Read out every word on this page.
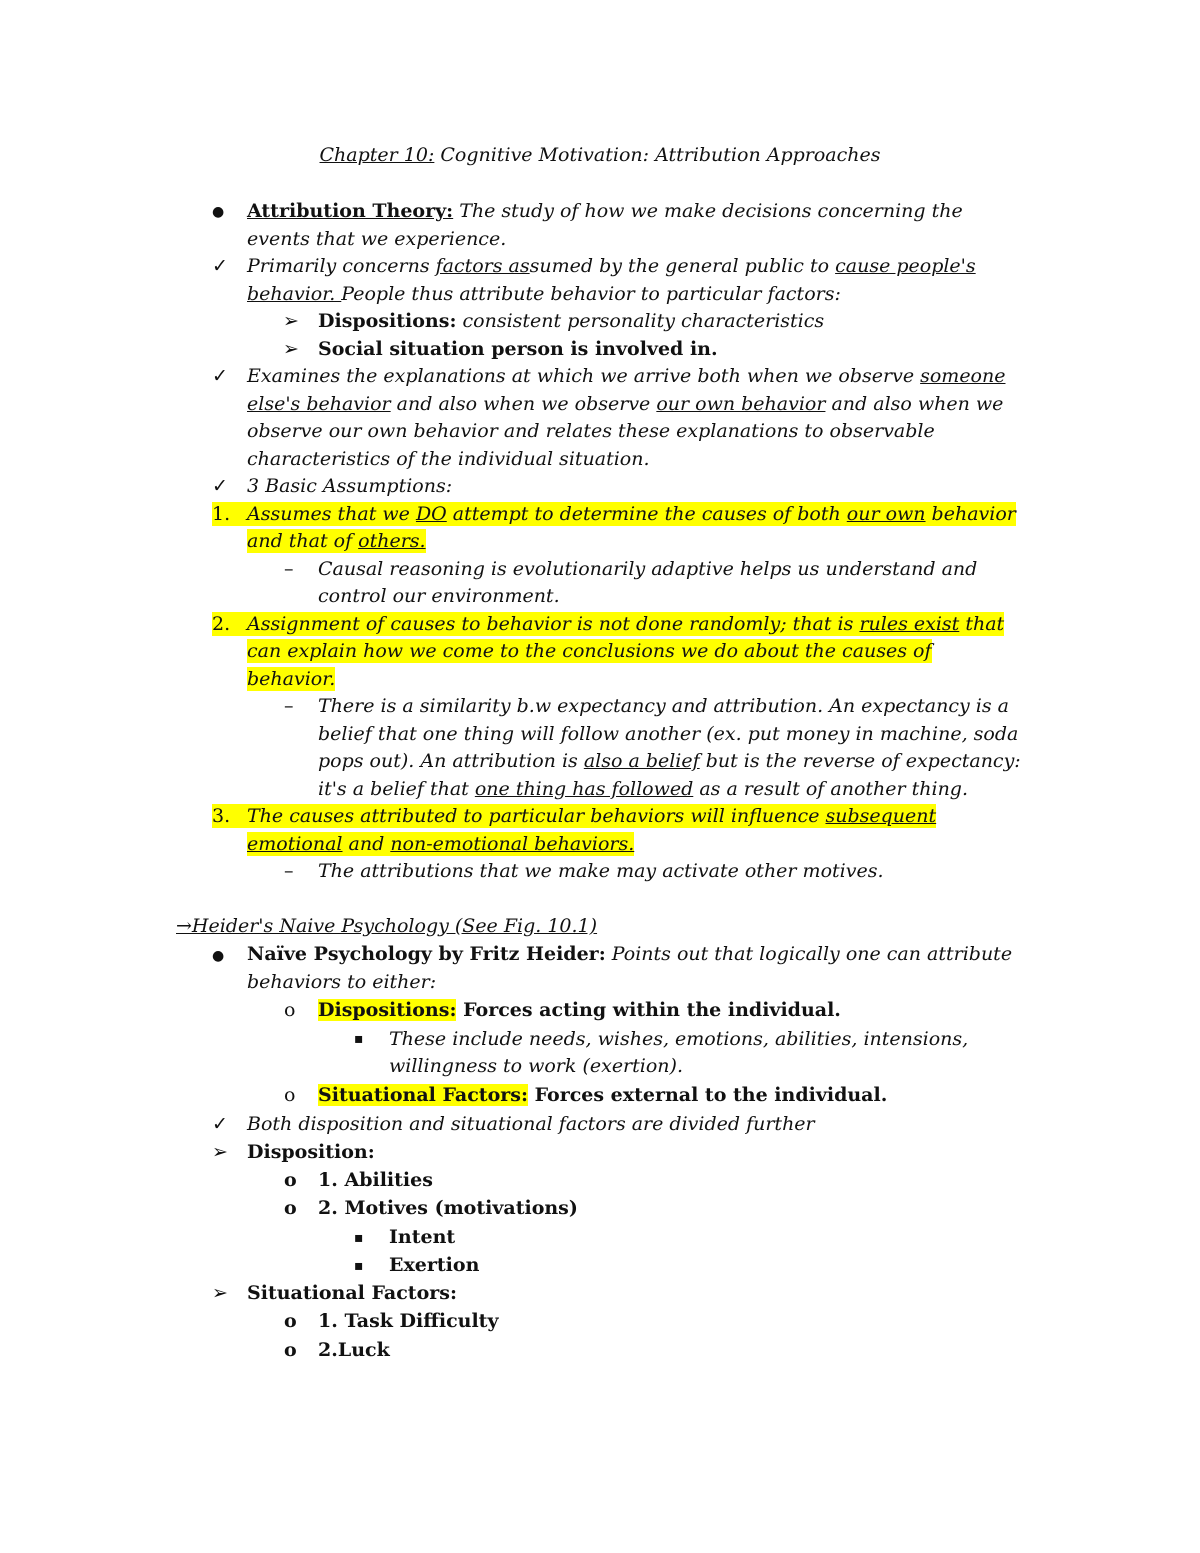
Chapter 10: Cognitive Motivation: Attribution Approaches
● Attribution Theory: The study of how we make decisions concerning the
events that we experience.
✓ Primarily concerns factors assumed by the general public to cause people's
behavior. People thus attribute behavior to particular factors:
➢ Dispositions: consistent personality characteristics
➢ Social situation person is involved in.
✓ Examines the explanations at which we arrive both when we observe someone
else's behavior and also when we observe our own behavior and also when we
observe our own behavior and relates these explanations to observable
characteristics of the individual situation.
✓ 3 Basic Assumptions:
1. Assumes that we DO attempt to determine the causes of both our own behavior
and that of others.
– Causal reasoning is evolutionarily adaptive helps us understand and
control our environment.
2. Assignment of causes to behavior is not done randomly; that is rules exist that
can explain how we come to the conclusions we do about the causes of
behavior.
– There is a similarity b.w expectancy and attribution. An expectancy is a
belief that one thing will follow another (ex. put money in machine, soda
pops out). An attribution is also a belief but is the reverse of expectancy:
it's a belief that one thing has followed as a result of another thing.
3. The causes attributed to particular behaviors will influence subsequent
emotional and non-emotional behaviors.
– The attributions that we make may activate other motives.
→Heider's Naive Psychology (See Fig. 10.1)
● Naïve Psychology by Fritz Heider: Points out that logically one can attribute
behaviors to either:
o Dispositions: Forces acting within the individual.
▪ These include needs, wishes, emotions, abilities, intensions,
willingness to work (exertion).
o Situational Factors: Forces external to the individual.
✓ Both disposition and situational factors are divided further
➢ Disposition:
o 1. Abilities
o 2. Motives (motivations)
▪ Intent
▪ Exertion
➢ Situational Factors:
o 1. Task Difficulty
o 2.Luck
